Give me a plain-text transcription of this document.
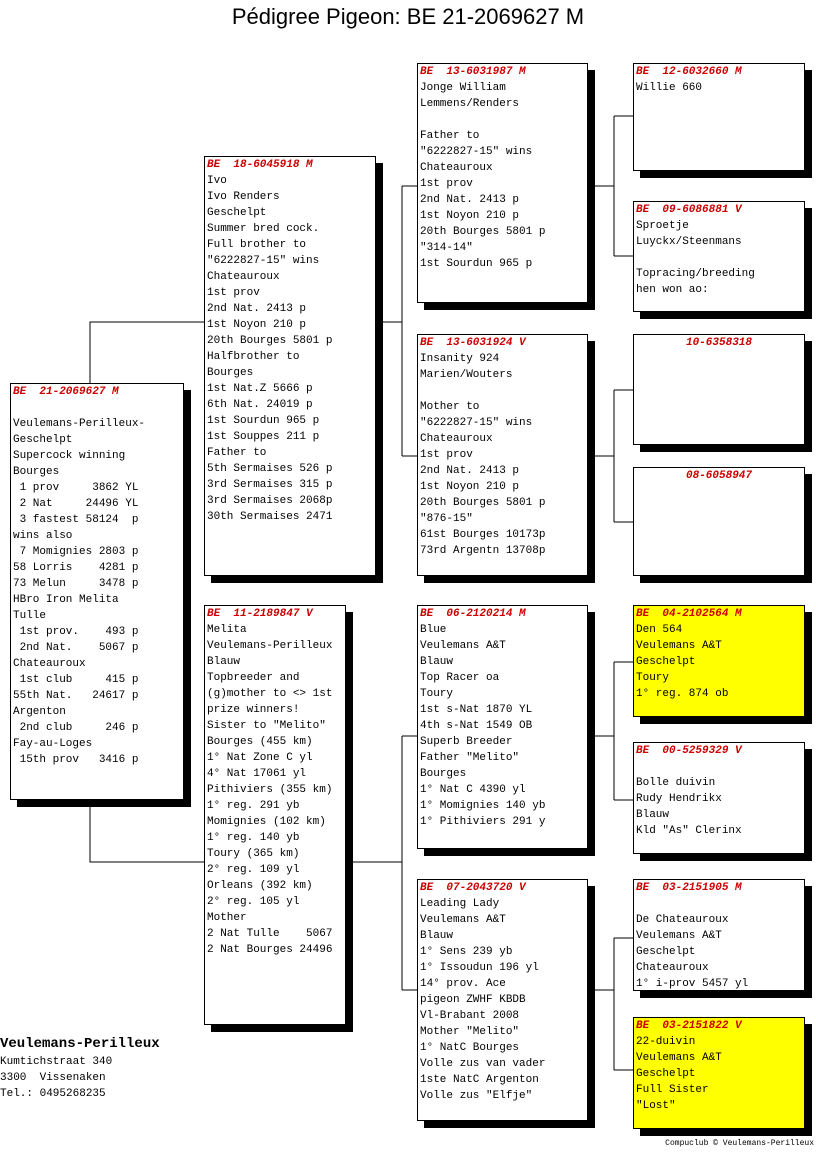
Pédigree Pigeon: BE 21-2069627 M
BE  21-2069627 M
Veulemans-Perilleux-
Geschelpt
Supercock winning
Bourges
1 prov     3862 YL
2 Nat     24496 YL
3 fastest 58124  p
wins also
7 Momignies 2803 p
58 Lorris    4281 p
73 Melun     3478 p
HBro Iron Melita
Tulle
1st prov.    493 p
2nd Nat.    5067 p
Chateauroux
1st club     415 p
55th Nat.   24617 p
Argenton
2nd club     246 p
Fay-au-Loges
15th prov   3416 p
BE  18-6045918 M
Ivo
Ivo Renders
Geschelpt
Summer bred cock.
Full brother to
"6222827-15" wins
Chateauroux
1st prov
2nd Nat. 2413 p
1st Noyon 210 p
20th Bourges 5801 p
Halfbrother to
Bourges
1st Nat.Z 5666 p
6th Nat. 24019 p
1st Sourdun 965 p
1st Souppes 211 p
Father to
5th Sermaises 526 p
3rd Sermaises 315 p
3rd Sermaises 2068p
30th Sermaises 2471
BE  11-2189847 V
Melita
Veulemans-Perilleux
Blauw
Topbreeder and
(g)mother to <> 1st
prize winners!
Sister to "Melito"
Bourges (455 km)
1° Nat Zone C yl
4° Nat 17061 yl
Pithiviers (355 km)
1° reg. 291 yb
Momignies (102 km)
1° reg. 140 yb
Toury (365 km)
2° reg. 109 yl
Orleans (392 km)
2° reg. 105 yl
Mother
2 Nat Tulle    5067
2 Nat Bourges 24496
BE  13-6031987 M
Jonge William
Lemmens/Renders
Father to
"6222827-15" wins
Chateauroux
1st prov
2nd Nat. 2413 p
1st Noyon 210 p
20th Bourges 5801 p
"314-14"
1st Sourdun 965 p
BE  13-6031924 V
Insanity 924
Marien/Wouters
Mother to
"6222827-15" wins
Chateauroux
1st prov
2nd Nat. 2413 p
1st Noyon 210 p
20th Bourges 5801 p
"876-15"
61st Bourges 10173p
73rd Argentn 13708p
BE  06-2120214 M
Blue
Veulemans A&T
Blauw
Top Racer oa
Toury
1st s-Nat 1870 YL
4th s-Nat 1549 OB
Superb Breeder
Father "Melito"
Bourges
1° Nat C 4390 yl
1° Momignies 140 yb
1° Pithiviers 291 y
BE  07-2043720 V
Leading Lady
Veulemans A&T
Blauw
1° Sens 239 yb
1° Issoudun 196 yl
14° prov. Ace
pigeon ZWHF KBDB
Vl-Brabant 2008
Mother "Melito"
1° NatC Bourges
Volle zus van vader
1ste NatC Argenton
Volle zus "Elfje"
BE  12-6032660 M
Willie 660
BE  09-6086881 V
Sproetje
Luyckx/Steenmans
Topracing/breeding
hen won ao:
10-6358318
08-6058947
BE  04-2102564 M
Den 564
Veulemans A&T
Geschelpt
Toury
1° reg. 874 ob
BE  00-5259329 V
Bolle duivin
Rudy Hendrikx
Blauw
Kld "As" Clerinx
BE  03-2151905 M
De Chateauroux
Veulemans A&T
Geschelpt
Chateauroux
1° i-prov 5457 yl
BE  03-2151822 V
22-duivin
Veulemans A&T
Geschelpt
Full Sister
"Lost"
Veulemans-Perilleux
Kumtichstraat 340
3300  Vissenaken
Tel.: 0495268235
Compuclub © Veulemans-Perilleux
